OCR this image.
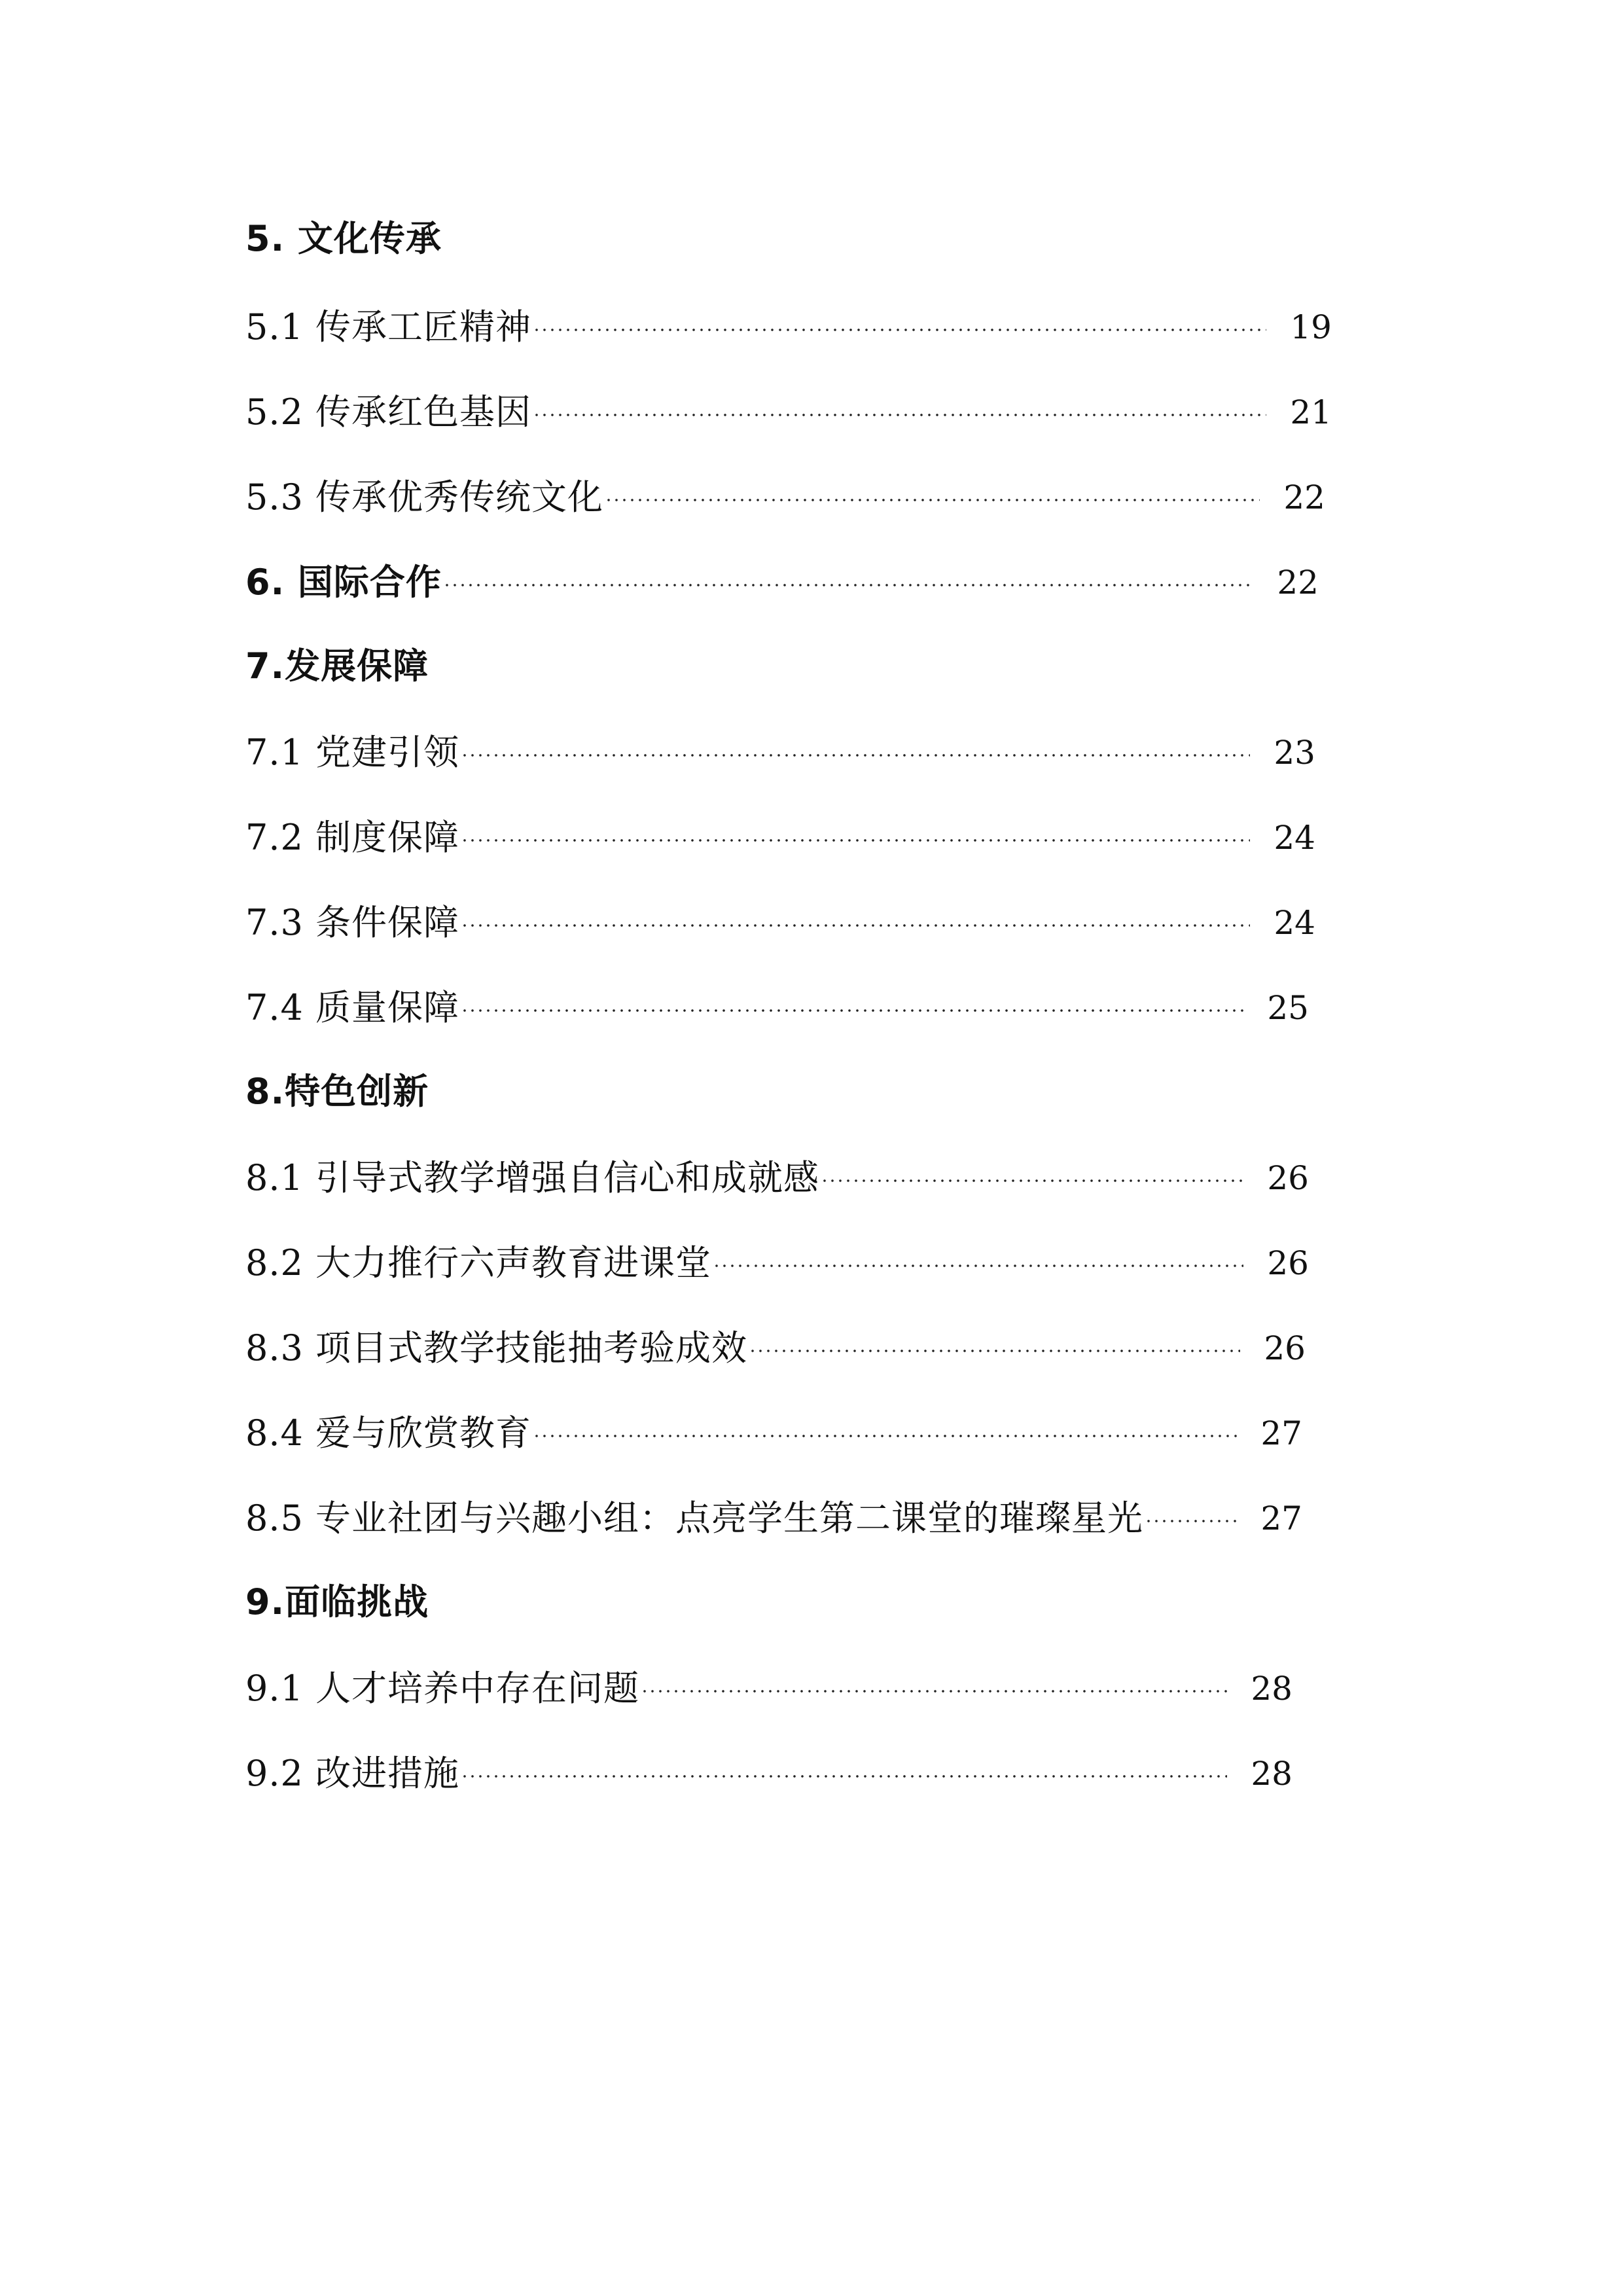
5. 文化传承
5.1 传承工匠精神	19
5.2 传承红色基因	21
5.3 传承优秀传统文化	22
6. 国际合作	22
7.发展保障
7.1 党建引领	23
7.2 制度保障	24
7.3 条件保障	24
7.4 质量保障	25
8.特色创新
8.1 引导式教学增强自信心和成就感	26
8.2 大力推行六声教育进课堂	26
8.3 项目式教学技能抽考验成效	26
8.4 爱与欣赏教育	27
8.5 专业社团与兴趣小组：点亮学生第二课堂的璀璨星光	27
9.面临挑战
9.1 人才培养中存在问题	28
9.2 改进措施	28
